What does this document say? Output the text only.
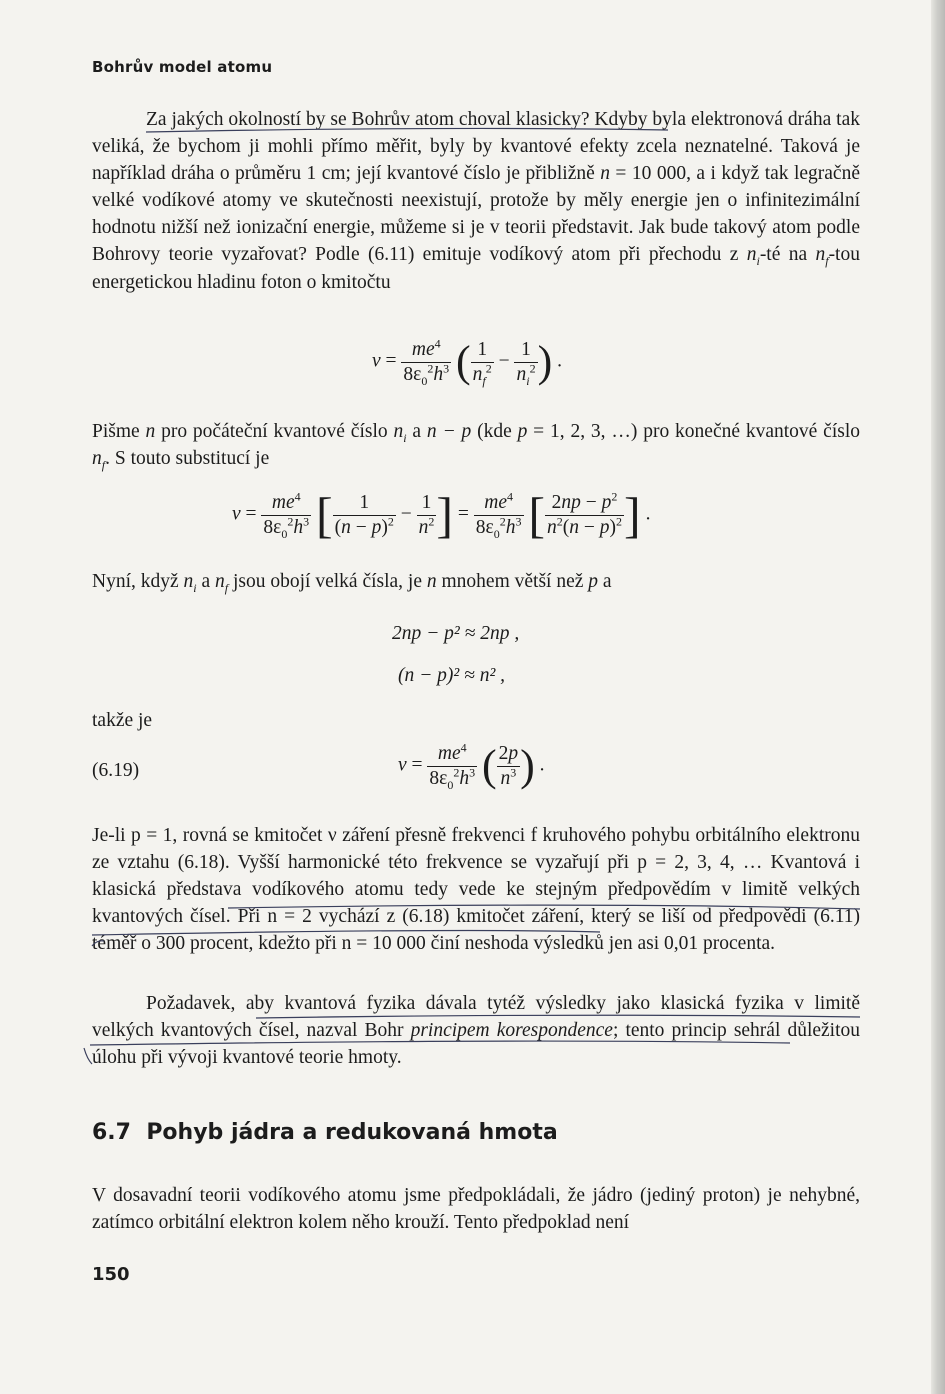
Bohrův model atomu
Za jakých okolností by se Bohrův atom choval klasicky? Kdyby byla elektronová dráha tak veliká, že bychom ji mohli přímo měřit, byly by kvantové efekty zcela neznatelné. Taková je například dráha o průměru 1 cm; její kvantové číslo je přibližně n = 10 000, a i když tak legračně velké vodíkové atomy ve skutečnosti neexistují, protože by měly energie jen o infinitezimální hodnotu nižší než ionizační energie, můžeme si je v teorii představit. Jak bude takový atom podle Bohrovy teorie vyzařovat? Podle (6.11) emituje vodíkový atom při přechodu z $n_i-té$ na $n_f$-tou energetickou hladinu foton o kmitočtu
$\nu = \frac{me^4}{8\varepsilon_0^2h^3}$ ( $\frac{1}{n_f^2} - \frac{1}{n_i^2}$ ) .
Pišme n pro počáteční kvantové číslo $n_i$ a n − p (kde p = 1, 2, 3, …) pro konečné kvantové číslo $n_f$. S touto substitucí je
$\nu = \frac{me^4}{8\varepsilon_0^2h^3}$ [ $\frac{1}{(n - p)^2} - \frac{1}{n^2}$ ] = $\frac{me^4}{8\varepsilon_0^2h^3}$ [ $\frac{2np - p^2}{n^2(n - p)^2}$ ] .
Nyní, když $n_i$ a $n_f$ jsou obojí velká čísla, je n mnohem větší než p a
2np − p² ≈ 2np ,
(n − p)² ≈ n² ,
takže je
(6.19)	$\nu = \frac{me^4}{8\varepsilon_0^2h^3}$ ( $\frac{2p}{n^3}$ ) .
Je-li p = 1, rovná se kmitočet ν záření přesně frekvenci f kruhového pohybu orbitálního elektronu ze vztahu (6.18). Vyšší harmonické této frekvence se vyzařují při p = 2, 3, 4, … Kvantová i klasická představa vodíkového atomu tedy vede ke stejným předpovědím v limitě velkých kvantových čísel. Při n = 2 vychází z (6.18) kmitočet záření, který se liší od předpovědi (6.11) téměř o 300 procent, kdežto při n = 10 000 činí neshoda výsledků jen asi 0,01 procenta.
Požadavek, aby kvantová fyzika dávala tytéž výsledky jako klasická fyzika v limitě velkých kvantových čísel, nazval Bohr principem korespondence; tento princip sehrál důležitou úlohu při vývoji kvantové teorie hmoty.
6.7 Pohyb jádra a redukovaná hmota
V dosavadní teorii vodíkového atomu jsme předpokládali, že jádro (jediný proton) je nehybné, zatímco orbitální elektron kolem něho krouží. Tento předpoklad není
150
